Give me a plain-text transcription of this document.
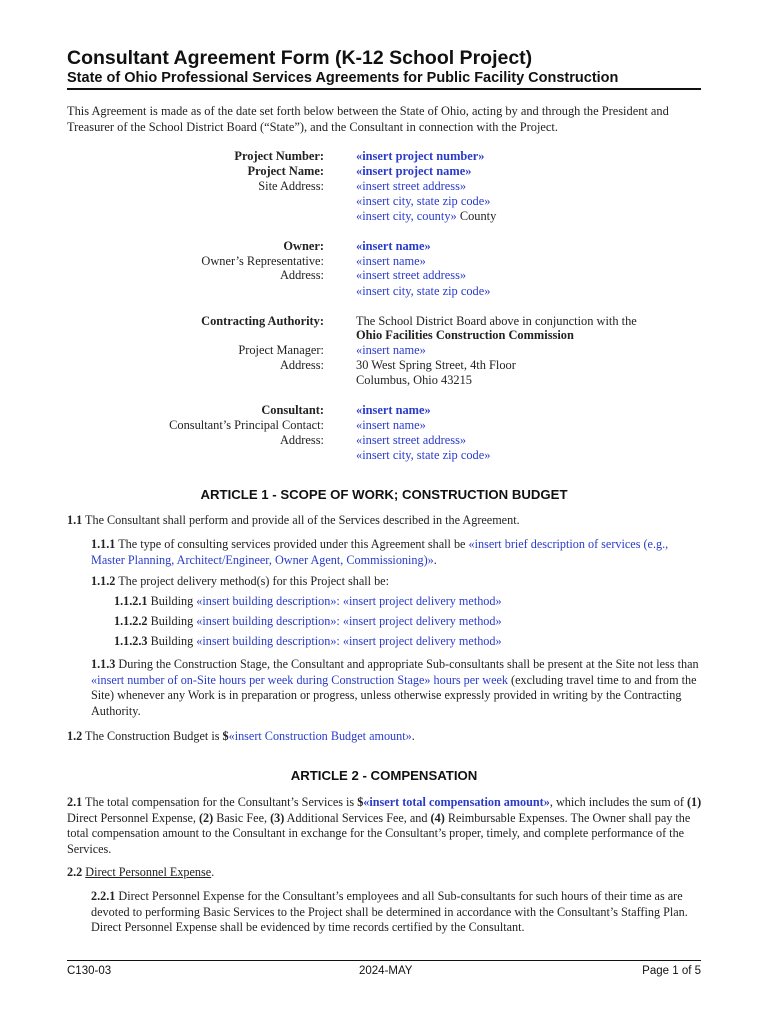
Consultant Agreement Form (K-12 School Project)
State of Ohio Professional Services Agreements for Public Facility Construction
This Agreement is made as of the date set forth below between the State of Ohio, acting by and through the President and Treasurer of the School District Board (“State”), and the Consultant in connection with the Project.
Project Number:
Project Name:
Site Address:
«insert project number»
«insert project name»
«insert street address»
«insert city, state zip code»
«insert city, county» County
Owner:
Owner’s Representative:
Address:
«insert name»
«insert name»
«insert street address»
«insert city, state zip code»
Contracting Authority:
Project Manager:
Address:
The School District Board above in conjunction with the
Ohio Facilities Construction Commission
«insert name»
30 West Spring Street, 4th Floor
Columbus, Ohio 43215
Consultant:
Consultant’s Principal Contact:
Address:
«insert name»
«insert name»
«insert street address»
«insert city, state zip code»
ARTICLE 1 - SCOPE OF WORK; CONSTRUCTION BUDGET
1.1 The Consultant shall perform and provide all of the Services described in the Agreement.
1.1.1 The type of consulting services provided under this Agreement shall be «insert brief description of services (e.g., Master Planning, Architect/Engineer, Owner Agent, Commissioning)».
1.1.2 The project delivery method(s) for this Project shall be:
1.1.2.1 Building «insert building description»: «insert project delivery method»
1.1.2.2 Building «insert building description»: «insert project delivery method»
1.1.2.3 Building «insert building description»: «insert project delivery method»
1.1.3 During the Construction Stage, the Consultant and appropriate Sub-consultants shall be present at the Site not less than «insert number of on-Site hours per week during Construction Stage» hours per week (excluding travel time to and from the Site) whenever any Work is in preparation or progress, unless otherwise expressly provided in writing by the Contracting Authority.
1.2 The Construction Budget is $«insert Construction Budget amount».
ARTICLE 2 - COMPENSATION
2.1 The total compensation for the Consultant’s Services is $«insert total compensation amount», which includes the sum of (1) Direct Personnel Expense, (2) Basic Fee, (3) Additional Services Fee, and (4) Reimbursable Expenses. The Owner shall pay the total compensation amount to the Consultant in exchange for the Consultant’s proper, timely, and complete performance of the Services.
2.2 Direct Personnel Expense.
2.2.1 Direct Personnel Expense for the Consultant’s employees and all Sub-consultants for such hours of their time as are devoted to performing Basic Services to the Project shall be determined in accordance with the Consultant’s Staffing Plan. Direct Personnel Expense shall be evidenced by time records certified by the Consultant.
C130-03	2024-MAY	Page 1 of 5
